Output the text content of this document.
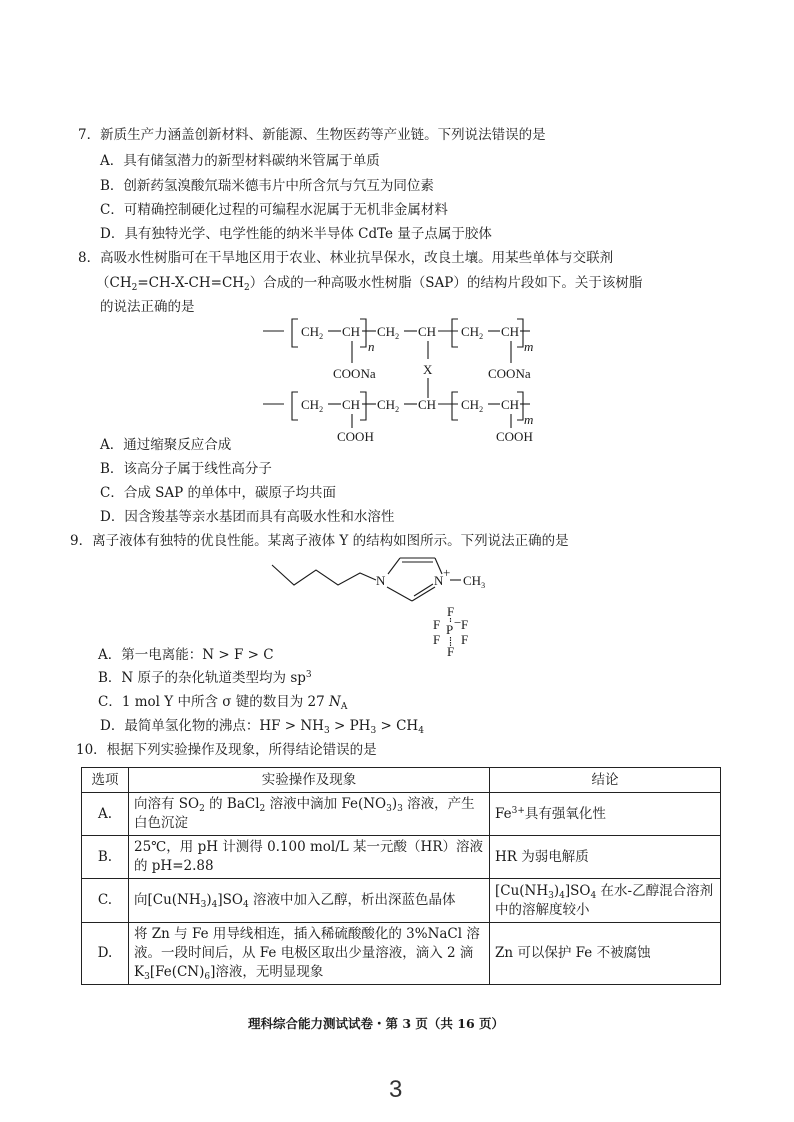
7．新质生产力涵盖创新材料、新能源、生物医药等产业链。下列说法错误的是
A．具有储氢潜力的新型材料碳纳米管属于单质
B．创新药氢溴酸氘瑞米德韦片中所含氘与氕互为同位素
C．可精确控制硬化过程的可编程水泥属于无机非金属材料
D．具有独特光学、电学性能的纳米半导体 CdTe 量子点属于胶体
8．高吸水性树脂可在干旱地区用于农业、林业抗旱保水，改良土壤。用某些单体与交联剂
$(CH_2=CH-X-CH=CH_2)$合成的一种高吸水性树脂（SAP）的结构片段如下。关于该树脂
的说法正确的是
$CH_2$ CH
n
COONa
$CH_2$ CH
X
$CH_2$ CH
m
COONa
$CH_2$ CH
COOH
$CH_2$ CH $CH_2$ CH
m
COOH
A．通过缩聚反应合成
B．该高分子属于线性高分子
C．合成 SAP 的单体中，碳原子均共面
D．因含羧基等亲水基团而具有高吸水性和水溶性
9．离子液体有独特的优良性能。某离子液体 Y 的结构如图所示。下列说法正确的是
N	N
+
$CH_3$
F
F F
P −
F F
F
A．第一电离能：N > F > C
B．N 原子的杂化轨道类型均为 $sp^3$
C．1 mol Y 中所含 σ 键的数目为 27 $N_A$
D．最简单氢化物的沸点：HF > $NH_3 > PH_3 > CH_4$
10．根据下列实验操作及现象，所得结论错误的是
选项	实验操作及现象	结论
A.	向溶有 $SO_2$ 的 BaCl$_2$ 溶液中滴加 $Fe(NO_3)_3$ 溶液，产生白色沉淀	$Fe^{3+}$具有强氧化性
B.	25℃，用 pH 计测得 0.100 mol/L 某一元酸（HR）溶液的 pH=2.88	HR 为弱电解质
C.	向$[Cu(NH_3)_4]SO_4$ 溶液中加入乙醇，析出深蓝色晶体	$[Cu(NH_3)_4]SO_4$ 在水-乙醇混合溶剂中的溶解度较小
D.	将 Zn 与 Fe 用导线相连，插入稀硫酸酸化的 3%NaCl 溶液。一段时间后，从 Fe 电极区取出少量溶液，滴入 2 滴 $K_3[Fe(CN)_6]$溶液，无明显现象	Zn 可以保护 Fe 不被腐蚀
理科综合能力测试试卷・第 3 页（共 16 页）
3
